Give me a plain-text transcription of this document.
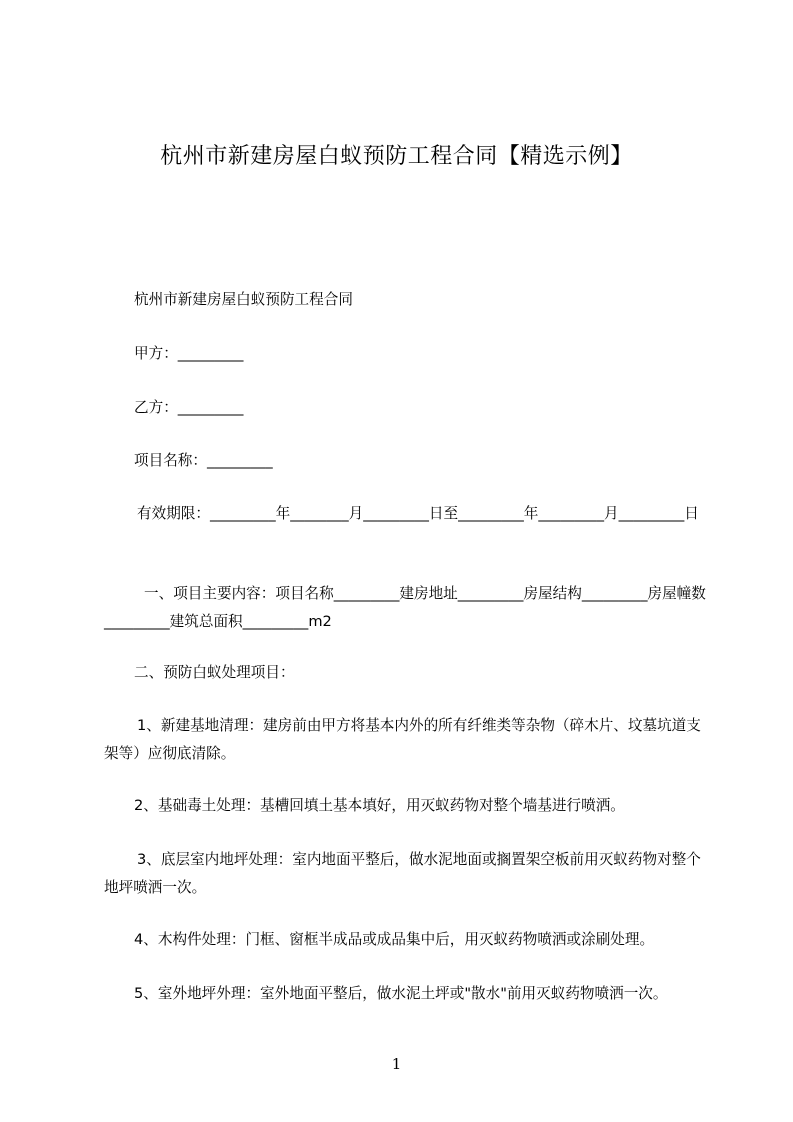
杭州市新建房屋白蚁预防工程合同【精选示例】

杭州市新建房屋白蚁预防工程合同

甲方：_________

乙方：_________

项目名称：_________

有效期限：_________年________月_________日至_________年_________月_________日

一、项目主要内容：项目名称_________建房地址_________房屋结构_________房屋幢数_________建筑总面积_________m2

二、预防白蚁处理项目：

1、新建基地清理：建房前由甲方将基本内外的所有纤维类等杂物（碎木片、坟墓坑道支架等）应彻底清除。

2、基础毒土处理：基槽回填土基本填好，用灭蚁药物对整个墙基进行喷洒。

3、底层室内地坪处理：室内地面平整后，做水泥地面或搁置架空板前用灭蚁药物对整个地坪喷洒一次。

4、木构件处理：门框、窗框半成品或成品集中后，用灭蚁药物喷洒或涂刷处理。

5、室外地坪外理：室外地面平整后，做水泥土坪或"散水"前用灭蚁药物喷洒一次。

1
